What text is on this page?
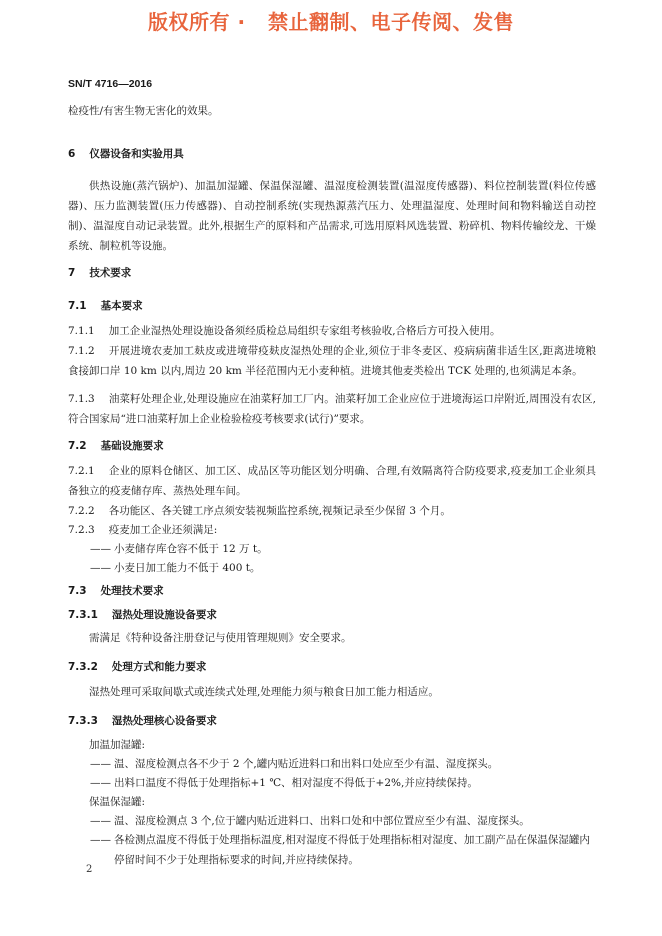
版权所有 ·   禁止翻制、电子传阅、发售
SN/T 4716—2016
检疫性/有害生物无害化的效果。
6 仪器设备和实验用具
供热设施(蒸汽锅炉)、加温加湿罐、保温保湿罐、温湿度检测装置(温湿度传感器)、料位控制装置(料位传感器)、压力监测装置(压力传感器)、自动控制系统(实现热源蒸汽压力、处理温湿度、处理时间和物料输送自动控制)、温湿度自动记录装置。此外,根据生产的原料和产品需求,可选用原料风选装置、粉碎机、物料传输绞龙、干燥系统、制粒机等设施。
7 技术要求
7.1 基本要求
7.1.1 加工企业湿热处理设施设备须经质检总局组织专家组考核验收,合格后方可投入使用。
7.1.2 开展进境农麦加工麸皮或进境带疫麸皮湿热处理的企业,须位于非冬麦区、疫病病菌非适生区,距离进境粮食接卸口岸 10 km 以内,周边 20 km 半径范围内无小麦种植。进境其他麦类检出 TCK 处理的,也须满足本条。
7.1.3 油菜籽处理企业,处理设施应在油菜籽加工厂内。油菜籽加工企业应位于进境海运口岸附近,周围没有农区,符合国家局“进口油菜籽加上企业检验检疫考核要求(试行)”要求。
7.2 基础设施要求
7.2.1 企业的原料仓储区、加工区、成品区等功能区划分明确、合理,有效隔离符合防疫要求,疫麦加工企业须具备独立的疫麦储存库、蒸热处理车间。
7.2.2 各功能区、各关键工序点须安装视频监控系统,视频记录至少保留 3 个月。
7.2.3 疫麦加工企业还须满足:
—— 小麦储存库仓容不低于 12 万 t。
—— 小麦日加工能力不低于 400 t。
7.3 处理技术要求
7.3.1 湿热处理设施设备要求
需满足《特种设备注册登记与使用管理规则》安全要求。
7.3.2 处理方式和能力要求
湿热处理可采取间歇式或连续式处理,处理能力须与粮食日加工能力相适应。
7.3.3 湿热处理核心设备要求
加温加湿罐:
—— 温、湿度检测点各不少于 2 个,罐内贴近进料口和出料口处应至少有温、湿度探头。
—— 出料口温度不得低于处理指标+1 ℃、相对湿度不得低于+2%,并应持续保持。
保温保湿罐:
—— 温、湿度检测点 3 个,位于罐内贴近进料口、出料口处和中部位置应至少有温、湿度探头。
—— 各检测点温度不得低于处理指标温度,相对湿度不得低于处理指标相对湿度、加工副产品在保温保湿罐内停留时间不少于处理指标要求的时间,并应持续保持。
2
